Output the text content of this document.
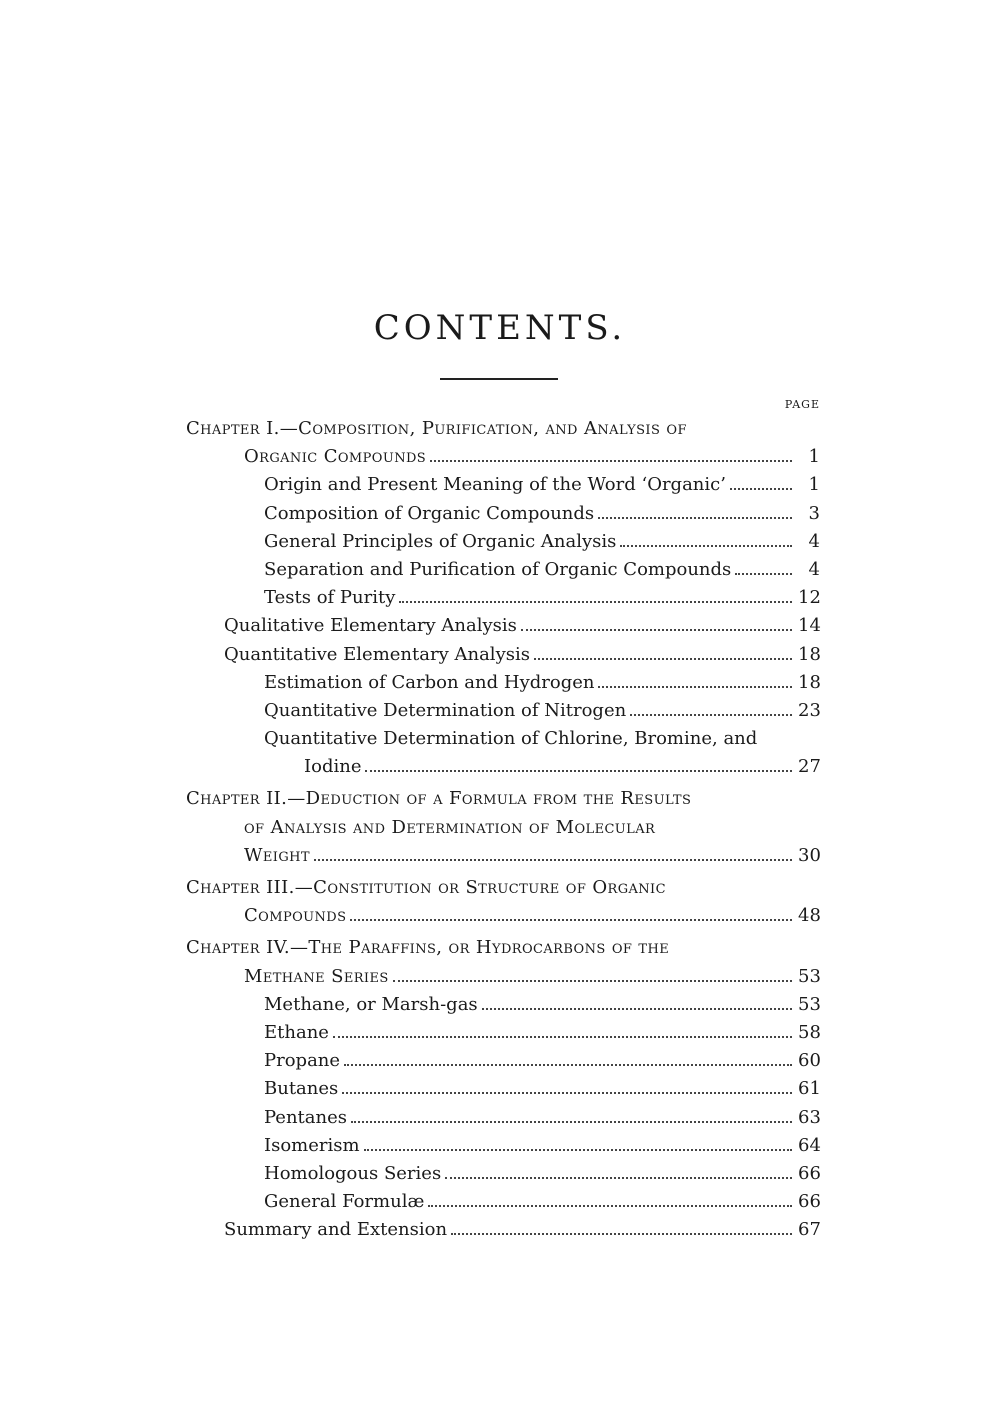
CONTENTS.
PAGE
Chapter I.—Composition, Purification, and Analysis of
Organic Compounds	1
Origin and Present Meaning of the Word ‘Organic’	1
Composition of Organic Compounds	3
General Principles of Organic Analysis	4
Separation and Purification of Organic Compounds	4
Tests of Purity	12
Qualitative Elementary Analysis	14
Quantitative Elementary Analysis	18
Estimation of Carbon and Hydrogen	18
Quantitative Determination of Nitrogen	23
Quantitative Determination of Chlorine, Bromine, and
Iodine	27
Chapter II.—Deduction of a Formula from the Results
of Analysis and Determination of Molecular
Weight	30
Chapter III.—Constitution or Structure of Organic
Compounds	48
Chapter IV.—The Paraffins, or Hydrocarbons of the
Methane Series	53
Methane, or Marsh-gas	53
Ethane	58
Propane	60
Butanes	61
Pentanes	63
Isomerism	64
Homologous Series	66
General Formulæ	66
Summary and Extension	67
